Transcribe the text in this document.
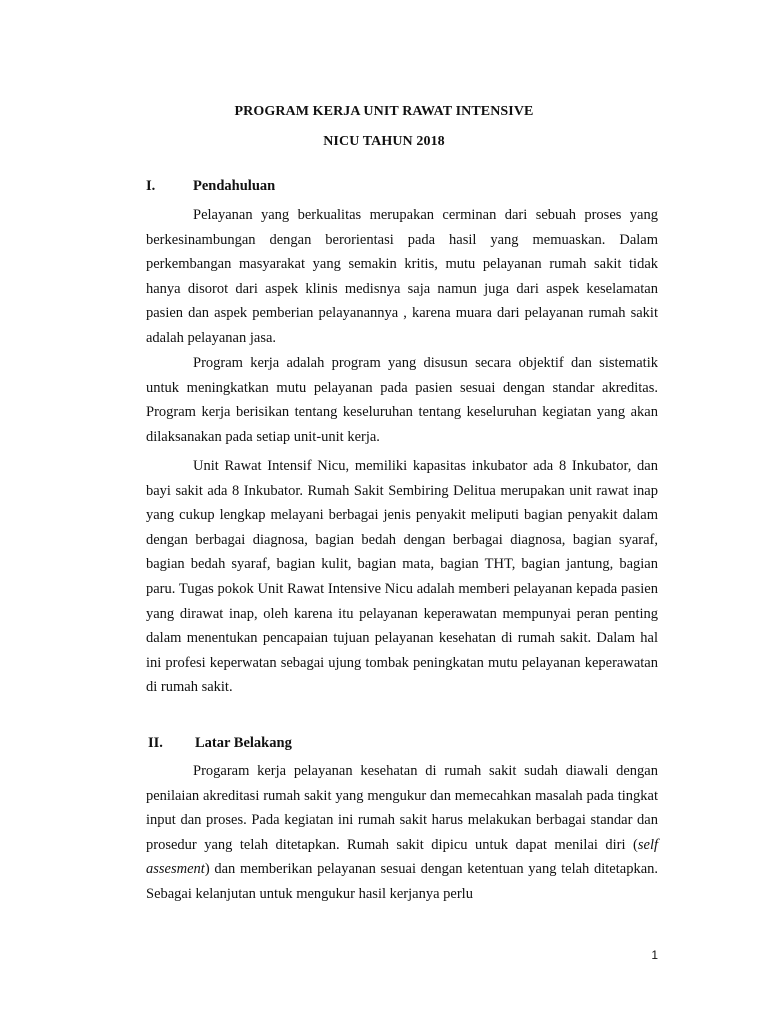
PROGRAM KERJA UNIT RAWAT INTENSIVE
NICU TAHUN 2018
I.	Pendahuluan

Pelayanan yang berkualitas merupakan cerminan dari sebuah proses yang berkesinambungan dengan berorientasi pada hasil yang memuaskan. Dalam perkembangan masyarakat yang semakin kritis, mutu pelayanan rumah sakit tidak hanya disorot dari aspek klinis medisnya saja namun juga dari aspek keselamatan pasien dan aspek pemberian pelayanannya , karena muara dari pelayanan rumah sakit adalah pelayanan jasa.

Program kerja adalah program yang disusun secara objektif dan sistematik untuk meningkatkan mutu pelayanan pada pasien sesuai dengan standar akreditas. Program kerja berisikan tentang keseluruhan tentang keseluruhan kegiatan yang akan dilaksanakan pada setiap unit-unit kerja.

Unit Rawat Intensif Nicu, memiliki kapasitas inkubator ada 8 Inkubator, dan bayi sakit ada 8 Inkubator. Rumah Sakit Sembiring Delitua merupakan unit rawat inap yang cukup lengkap melayani berbagai jenis penyakit meliputi bagian penyakit dalam dengan berbagai diagnosa, bagian bedah dengan berbagai diagnosa, bagian syaraf, bagian bedah syaraf, bagian kulit, bagian mata, bagian THT, bagian jantung, bagian paru. Tugas pokok Unit Rawat Intensive Nicu adalah memberi pelayanan kepada pasien yang dirawat inap, oleh karena itu pelayanan keperawatan mempunyai peran penting dalam menentukan pencapaian tujuan pelayanan kesehatan di rumah sakit. Dalam hal ini profesi keperwatan sebagai ujung tombak peningkatan mutu pelayanan keperawatan di rumah sakit.

II. Latar Belakang

Progaram kerja pelayanan kesehatan di rumah sakit sudah diawali dengan penilaian akreditasi rumah sakit yang mengukur dan memecahkan masalah pada tingkat input dan proses. Pada kegiatan ini rumah sakit harus melakukan berbagai standar dan prosedur yang telah ditetapkan. Rumah sakit dipicu untuk dapat menilai diri (self assesment) dan memberikan pelayanan sesuai dengan ketentuan yang telah ditetapkan. Sebagai kelanjutan untuk mengukur hasil kerjanya perlu

1
